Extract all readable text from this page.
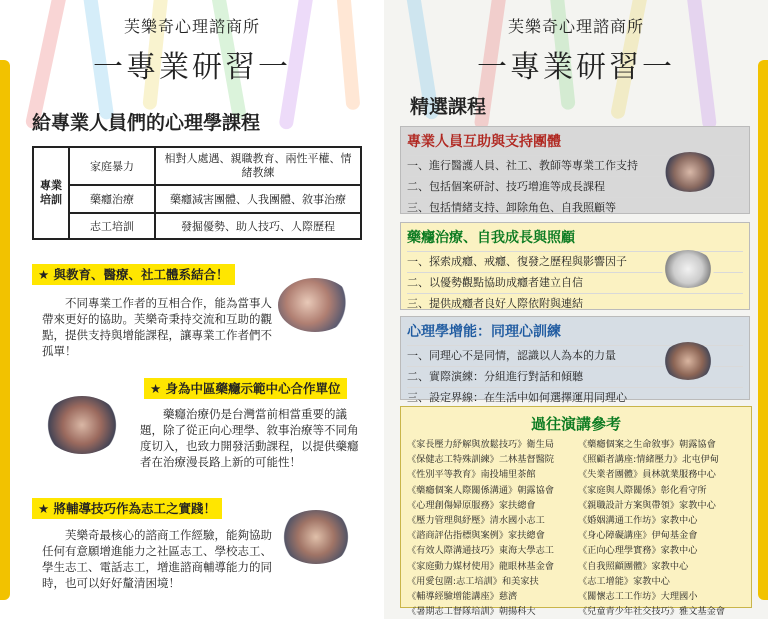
芙樂奇心理諮商所
一專業研習一
給專業人員們的心理學課程
專業培訓	家庭暴力	相對人處遇、親職教育、兩性平權、情緒教練
	藥癮治療	藥癮減害團體、人我團體、敘事治療
	志工培訓	發掘優勢、助人技巧、人際歷程
★ 與教育、醫療、社工體系結合！
不同專業工作者的互相合作，能為當事人帶來更好的協助。芙樂奇秉持交流和互助的觀點，提供支持與增能課程，讓專業工作者們不孤單！
★ 身為中區藥癮示範中心合作單位
藥癮治療仍是台灣當前相當重要的議題，除了從正向心理學、敘事治療等不同角度切入，也致力開發活動課程，以提供藥癮者在治療漫長路上新的可能性！
★ 將輔導技巧作為志工之實踐！
芙樂奇最核心的諮商工作經驗，能夠協助任何有意願增進能力之社區志工、學校志工、學生志工、電話志工，增進諮商輔導能力的同時，也可以好好釐清困境！
芙樂奇心理諮商所
一專業研習一
精選課程
專業人員互助與支持團體
一、進行醫護人員、社工、教師等專業工作支持
二、包括個案研討、技巧增進等成長課程
三、包括情緒支持、卸除角色、自我照顧等
藥癮治療、自我成長與照顧
一、探索成癮、戒癮、復發之歷程與影響因子
二、以優勢觀點協助成癮者建立自信
三、提供成癮者良好人際依附與連結
心理學增能：同理心訓練
一、同理心不是同情，認識以人為本的力量
二、實際演練：分組進行對話和傾聽
三、設定界線：在生活中如何選擇運用同理心
過往演講參考
《家長壓力紓解與放鬆技巧》衛生局
《保健志工特殊訓練》二林基督醫院
《性別平等教育》南投埔里茶館
《藥癮個案人際關係溝通》朝露協會
《心理創傷婦原服務》家扶總會
《壓力管理與紓壓》清水國小志工
《諮商評估指標與案例》家扶總會
《有效人際溝通技巧》東海大學志工
《家庭動力媒材使用》龍眼林基金會
《用愛包圍:志工培訓》和美家扶
《輔導經驗增能講座》慈濟
《暑期志工督隊培訓》朝揚科大
《藥癮個案之生命敘事》朝露協會
《照顧者講座:情緒壓力》北屯伊甸
《失業者團體》員林就業服務中心
《家庭與人際關係》彰化看守所
《親職設計方案與帶領》家教中心
《婚姻溝通工作坊》家教中心
《身心障礙講座》伊甸基金會
《正向心理學實務》家教中心
《自我照顧團體》家教中心
《志工增能》家教中心
《關懷志工工作坊》大理國小
《兒童青少年社交技巧》雅文基金會
